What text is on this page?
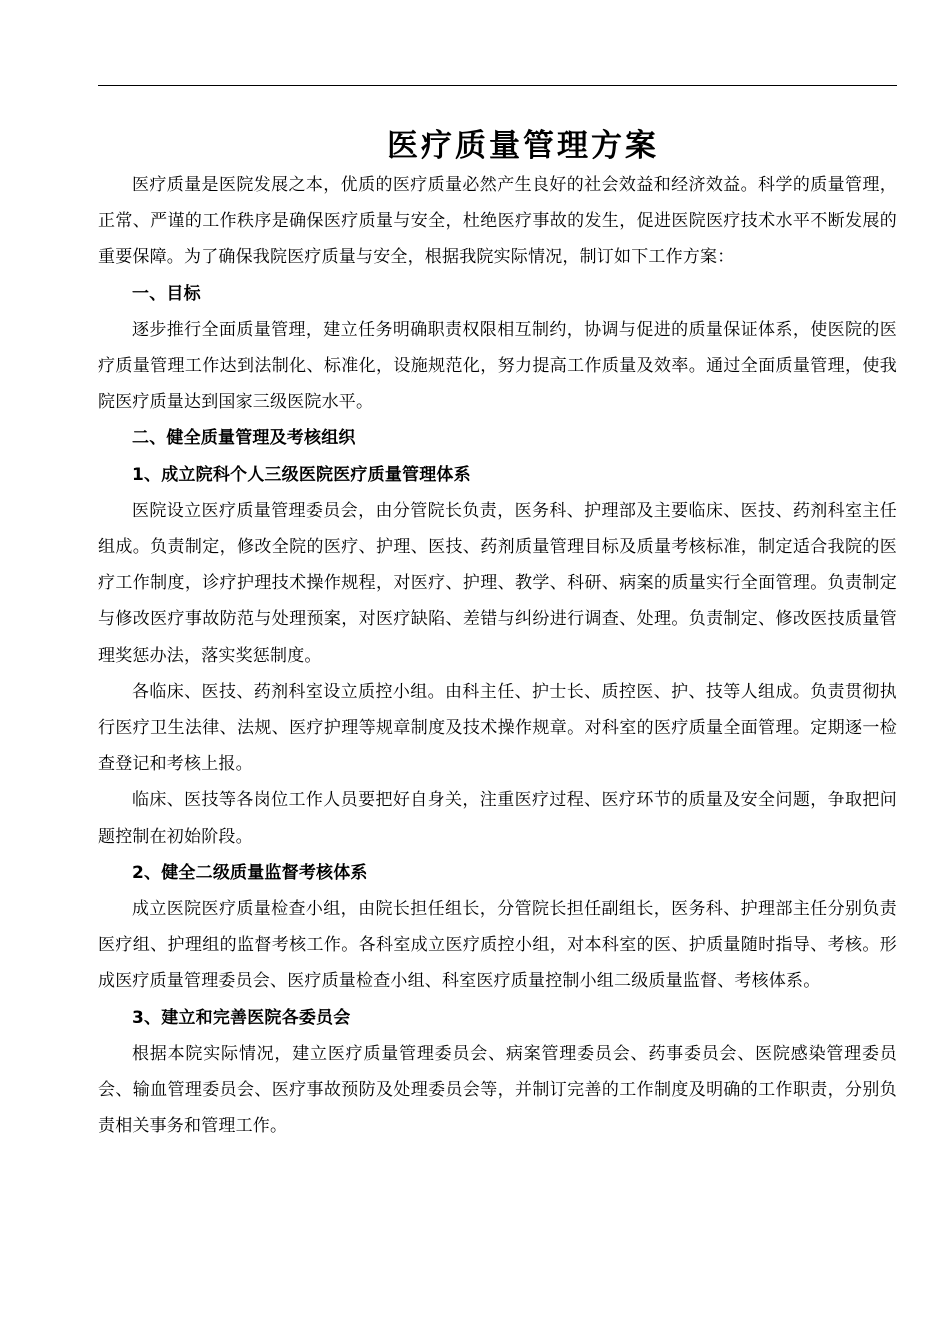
医疗质量管理方案

医疗质量是医院发展之本，优质的医疗质量必然产生良好的社会效益和经济效益。科学的质量管理，正常、严谨的工作秩序是确保医疗质量与安全，杜绝医疗事故的发生，促进医院医疗技术水平不断发展的重要保障。为了确保我院医疗质量与安全，根据我院实际情况，制订如下工作方案：

一、目标

逐步推行全面质量管理，建立任务明确职责权限相互制约，协调与促进的质量保证体系，使医院的医疗质量管理工作达到法制化、标准化，设施规范化，努力提高工作质量及效率。通过全面质量管理，使我院医疗质量达到国家三级医院水平。

二、健全质量管理及考核组织

1、成立院科个人三级医院医疗质量管理体系

医院设立医疗质量管理委员会，由分管院长负责，医务科、护理部及主要临床、医技、药剂科室主任组成。负责制定，修改全院的医疗、护理、医技、药剂质量管理目标及质量考核标准，制定适合我院的医疗工作制度，诊疗护理技术操作规程，对医疗、护理、教学、科研、病案的质量实行全面管理。负责制定与修改医疗事故防范与处理预案，对医疗缺陷、差错与纠纷进行调查、处理。负责制定、修改医技质量管理奖惩办法，落实奖惩制度。

各临床、医技、药剂科室设立质控小组。由科主任、护士长、质控医、护、技等人组成。负责贯彻执行医疗卫生法律、法规、医疗护理等规章制度及技术操作规章。对科室的医疗质量全面管理。定期逐一检查登记和考核上报。

临床、医技等各岗位工作人员要把好自身关，注重医疗过程、医疗环节的质量及安全问题，争取把问题控制在初始阶段。

2、健全二级质量监督考核体系

成立医院医疗质量检查小组，由院长担任组长，分管院长担任副组长，医务科、护理部主任分别负责医疗组、护理组的监督考核工作。各科室成立医疗质控小组，对本科室的医、护质量随时指导、考核。形成医疗质量管理委员会、医疗质量检查小组、科室医疗质量控制小组二级质量监督、考核体系。

3、建立和完善医院各委员会

根据本院实际情况，建立医疗质量管理委员会、病案管理委员会、药事委员会、医院感染管理委员会、输血管理委员会、医疗事故预防及处理委员会等，并制订完善的工作制度及明确的工作职责，分别负责相关事务和管理工作。
